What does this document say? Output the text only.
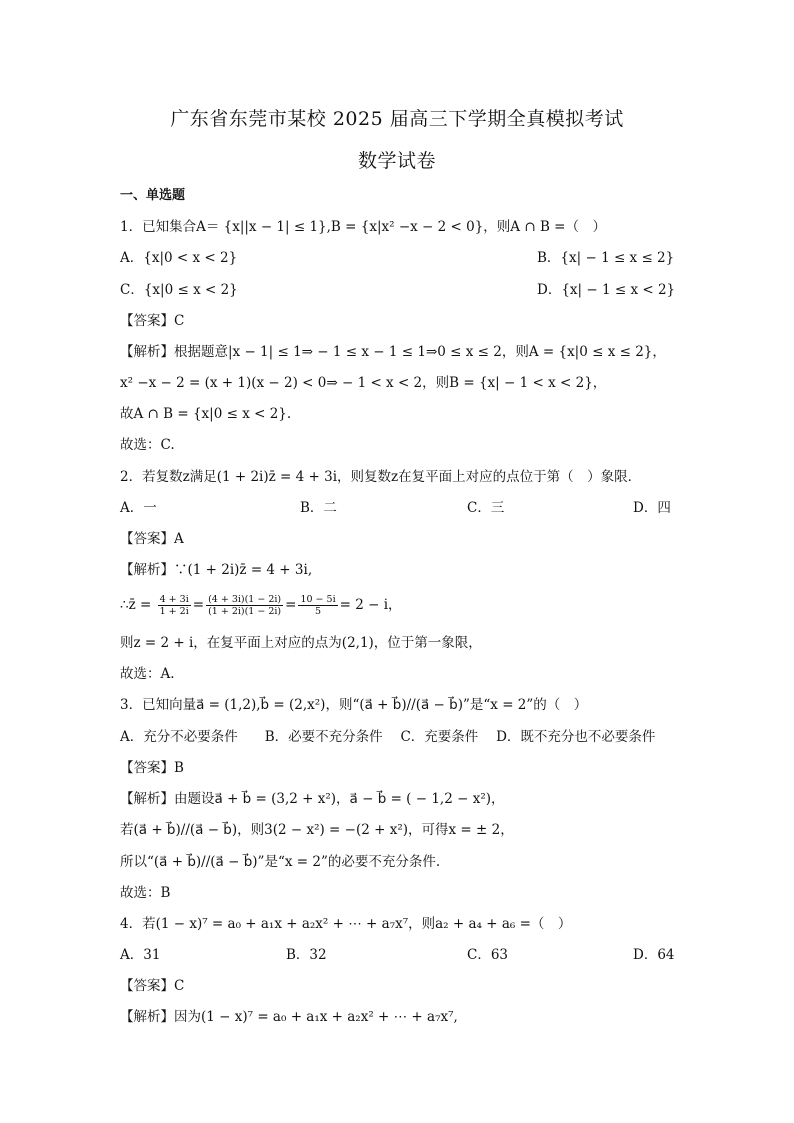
广东省东莞市某校 2025 届高三下学期全真模拟考试
数学试卷
一、单选题
1．已知集合A＝ {x||x − 1| ≤ 1},B = {x|x² −x − 2 < 0}，则A ∩ B =（　）
A．{x|0 < x < 2}	B．{x| − 1 ≤ x ≤ 2}
C．{x|0 ≤ x < 2}	D．{x| − 1 ≤ x < 2}
【答案】C
【解析】根据题意|x − 1| ≤ 1⇒ − 1 ≤ x − 1 ≤ 1⇒0 ≤ x ≤ 2，则A = {x|0 ≤ x ≤ 2}，
x² −x − 2 = (x + 1)(x − 2) < 0⇒ − 1 < x < 2，则B = {x| − 1 < x < 2}，
故A ∩ B = {x|0 ≤ x < 2}.
故选：C.
2．若复数z满足(1 + 2i)z̄ = 4 + 3i，则复数z在复平面上对应的点位于第（　）象限．
A．一	B．二	C．三	D．四
【答案】A
【解析】∵(1 + 2i)z̄ = 4 + 3i,
∴z̄ = $\frac{4 + 3i}{1 + 2i} = \frac{(4 + 3i)(1 - 2i)}{(1 + 2i)(1 - 2i)} = \frac{10 - 5i}{5} = 2 - i$，
则z = 2 + i，在复平面上对应的点为(2,1)，位于第一象限，
故选：A.
3．已知向量a⃗ = (1,2),b⃗ = (2,x²)，则“(a⃗ + b⃗)//(a⃗ − b⃗)”是“x = 2”的（　）
A．充分不必要条件　　B．必要不充分条件　 C．充要条件　 D．既不充分也不必要条件
【答案】B
【解析】由题设a⃗ + b⃗ = (3,2 + x²)，a⃗ − b⃗ = ( − 1,2 − x²)，
若(a⃗ + b⃗)//(a⃗ − b⃗)，则3(2 − x²) = −(2 + x²)，可得x = ± 2，
所以“(a⃗ + b⃗)//(a⃗ − b⃗)”是“x = 2”的必要不充分条件.
故选：B
4．若(1 − x)⁷ = a₀ + a₁x + a₂x² + ⋯ + a₇x⁷，则a₂ + a₄ + a₆ =（　）
A．31	B．32	C．63	D．64
【答案】C
【解析】因为(1 − x)⁷ = a₀ + a₁x + a₂x² + ⋯ + a₇x⁷,
